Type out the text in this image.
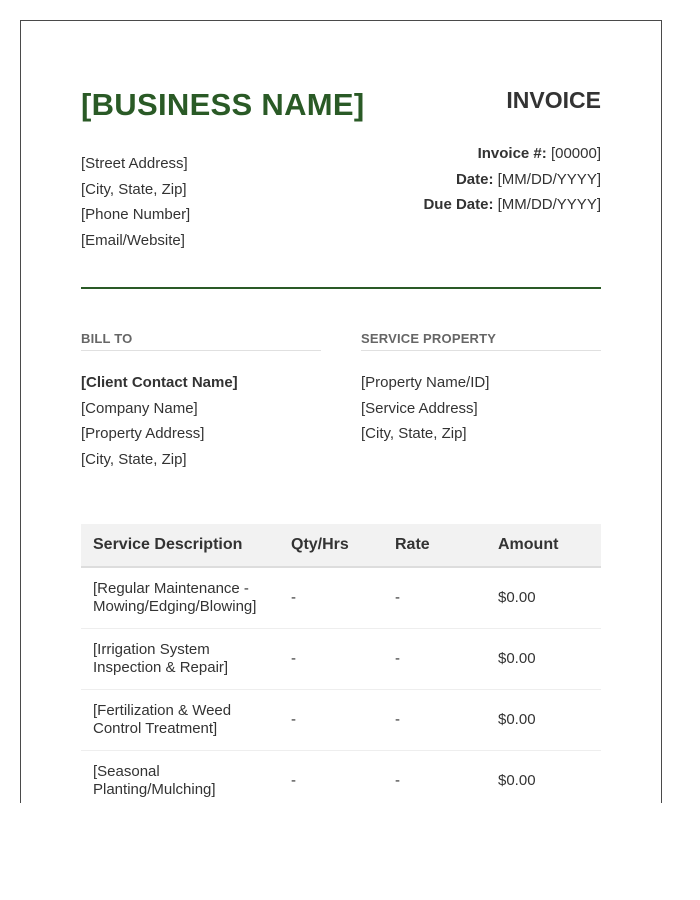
[BUSINESS NAME]	INVOICE
[Street Address]
[City, State, Zip]
[Phone Number]
[Email/Website]
Invoice #: [00000]
Date: [MM/DD/YYYY]
Due Date: [MM/DD/YYYY]
BILL TO
[Client Contact Name]
[Company Name]
[Property Address]
[City, State, Zip]
SERVICE PROPERTY
[Property Name/ID]
[Service Address]
[City, State, Zip]
Service Description	Qty/Hrs	Rate	Amount

[Regular Maintenance -
Mowing/Edging/Blowing]	-	-	$0.00

[Irrigation System
Inspection & Repair]	-	-	$0.00

[Fertilization & Weed
Control Treatment]	-	-	$0.00

[Seasonal
Planting/Mulching]	-	-	$0.00
